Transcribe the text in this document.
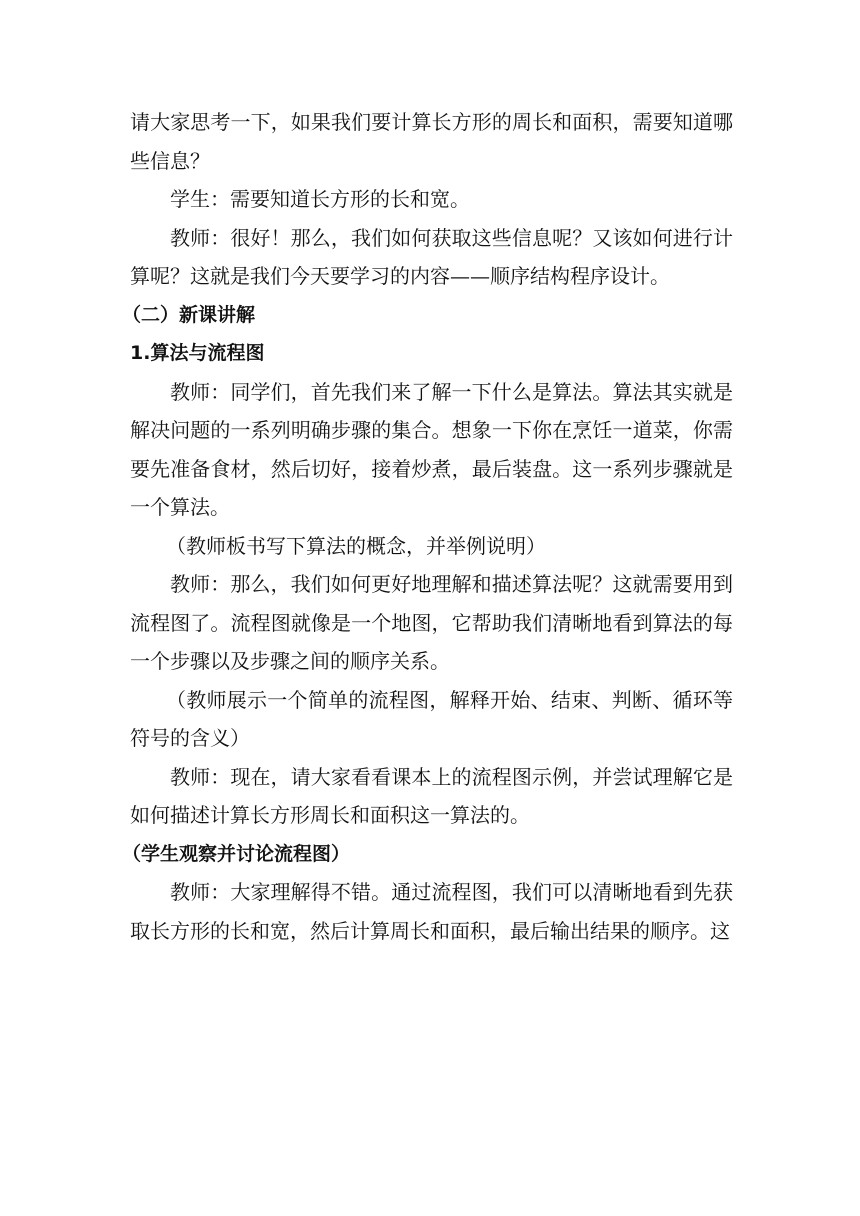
请大家思考一下，如果我们要计算长方形的周长和面积，需要知道哪些信息？

学生：需要知道长方形的长和宽。

教师：很好！那么，我们如何获取这些信息呢？又该如何进行计算呢？这就是我们今天要学习的内容——顺序结构程序设计。

（二）新课讲解

1.算法与流程图

教师：同学们，首先我们来了解一下什么是算法。算法其实就是解决问题的一系列明确步骤的集合。想象一下你在烹饪一道菜，你需要先准备食材，然后切好，接着炒煮，最后装盘。这一系列步骤就是一个算法。

（教师板书写下算法的概念，并举例说明）

教师：那么，我们如何更好地理解和描述算法呢？这就需要用到流程图了。流程图就像是一个地图，它帮助我们清晰地看到算法的每一个步骤以及步骤之间的顺序关系。

（教师展示一个简单的流程图，解释开始、结束、判断、循环等符号的含义）

教师：现在，请大家看看课本上的流程图示例，并尝试理解它是如何描述计算长方形周长和面积这一算法的。

（学生观察并讨论流程图）

教师：大家理解得不错。通过流程图，我们可以清晰地看到先获取长方形的长和宽，然后计算周长和面积，最后输出结果的顺序。这
